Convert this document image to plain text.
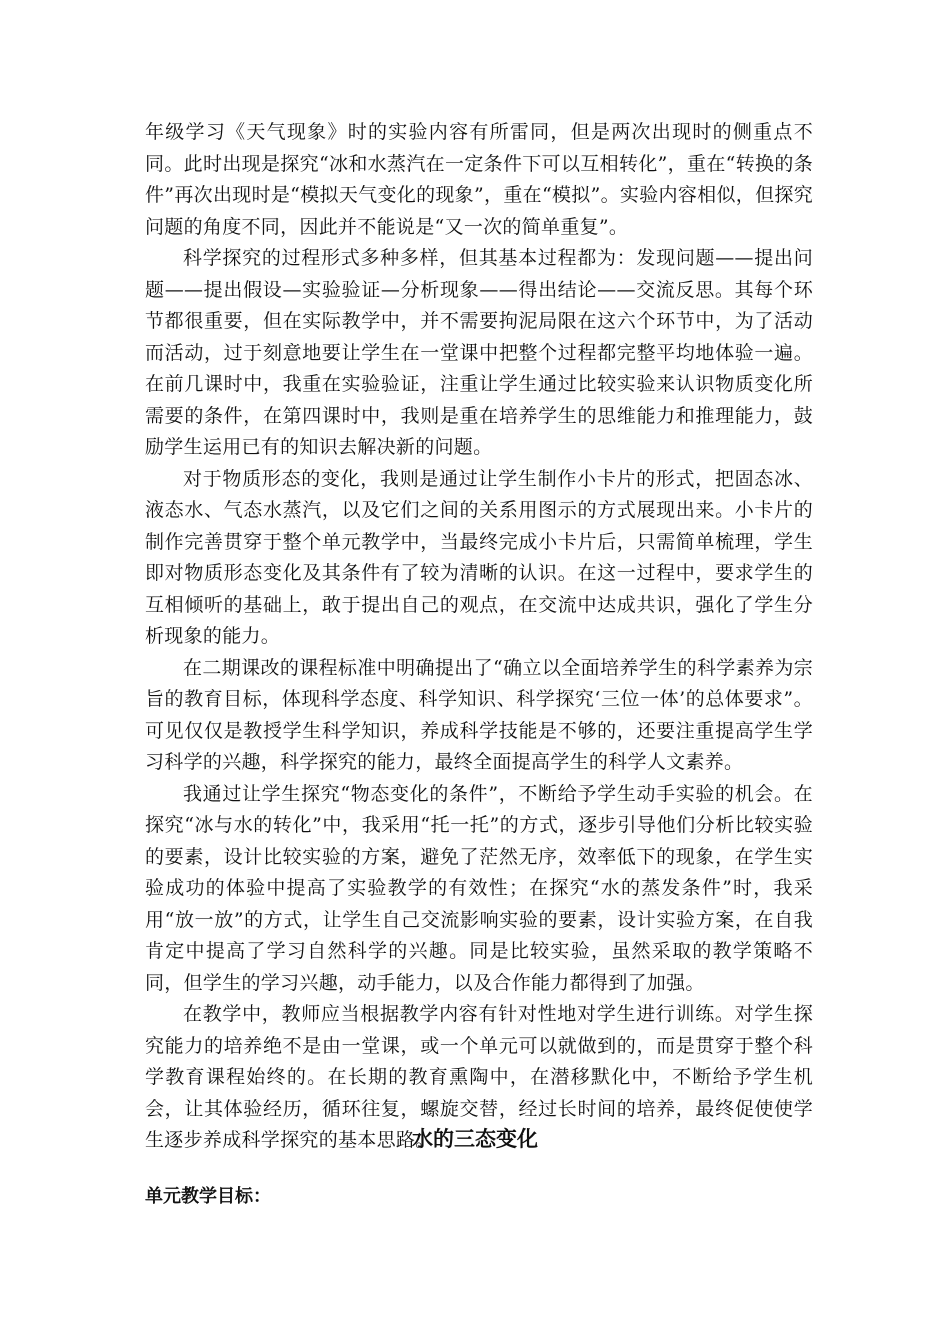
年级学习《天气现象》时的实验内容有所雷同，但是两次出现时的侧重点不同。此时出现是探究“冰和水蒸汽在一定条件下可以互相转化”，重在“转换的条件”再次出现时是“模拟天气变化的现象”，重在“模拟”。实验内容相似，但探究问题的角度不同，因此并不能说是“又一次的简单重复”。

科学探究的过程形式多种多样，但其基本过程都为：发现问题——提出问题——提出假设—实验验证—分析现象——得出结论——交流反思。其每个环节都很重要，但在实际教学中，并不需要拘泥局限在这六个环节中，为了活动而活动，过于刻意地要让学生在一堂课中把整个过程都完整平均地体验一遍。在前几课时中，我重在实验验证，注重让学生通过比较实验来认识物质变化所需要的条件，在第四课时中，我则是重在培养学生的思维能力和推理能力，鼓励学生运用已有的知识去解决新的问题。

对于物质形态的变化，我则是通过让学生制作小卡片的形式，把固态冰、液态水、气态水蒸汽，以及它们之间的关系用图示的方式展现出来。小卡片的制作完善贯穿于整个单元教学中，当最终完成小卡片后，只需简单梳理，学生即对物质形态变化及其条件有了较为清晰的认识。在这一过程中，要求学生的互相倾听的基础上，敢于提出自己的观点，在交流中达成共识，强化了学生分析现象的能力。

在二期课改的课程标准中明确提出了“确立以全面培养学生的科学素养为宗旨的教育目标，体现科学态度、科学知识、科学探究‘三位一体’的总体要求”。可见仅仅是教授学生科学知识，养成科学技能是不够的，还要注重提高学生学习科学的兴趣，科学探究的能力，最终全面提高学生的科学人文素养。

我通过让学生探究“物态变化的条件”，不断给予学生动手实验的机会。在探究“冰与水的转化”中，我采用“托一托”的方式，逐步引导他们分析比较实验的要素，设计比较实验的方案，避免了茫然无序，效率低下的现象，在学生实验成功的体验中提高了实验教学的有效性；在探究“水的蒸发条件”时，我采用“放一放”的方式，让学生自己交流影响实验的要素，设计实验方案，在自我肯定中提高了学习自然科学的兴趣。同是比较实验，虽然采取的教学策略不同，但学生的学习兴趣，动手能力，以及合作能力都得到了加强。

在教学中，教师应当根据教学内容有针对性地对学生进行训练。对学生探究能力的培养绝不是由一堂课，或一个单元可以就做到的，而是贯穿于整个科学教育课程始终的。在长期的教育熏陶中，在潜移默化中，不断给予学生机会，让其体验经历，循环往复，螺旋交替，经过长时间的培养，最终促使使学生逐步养成科学探究的基本思路。

水的三态变化
单元教学目标：
